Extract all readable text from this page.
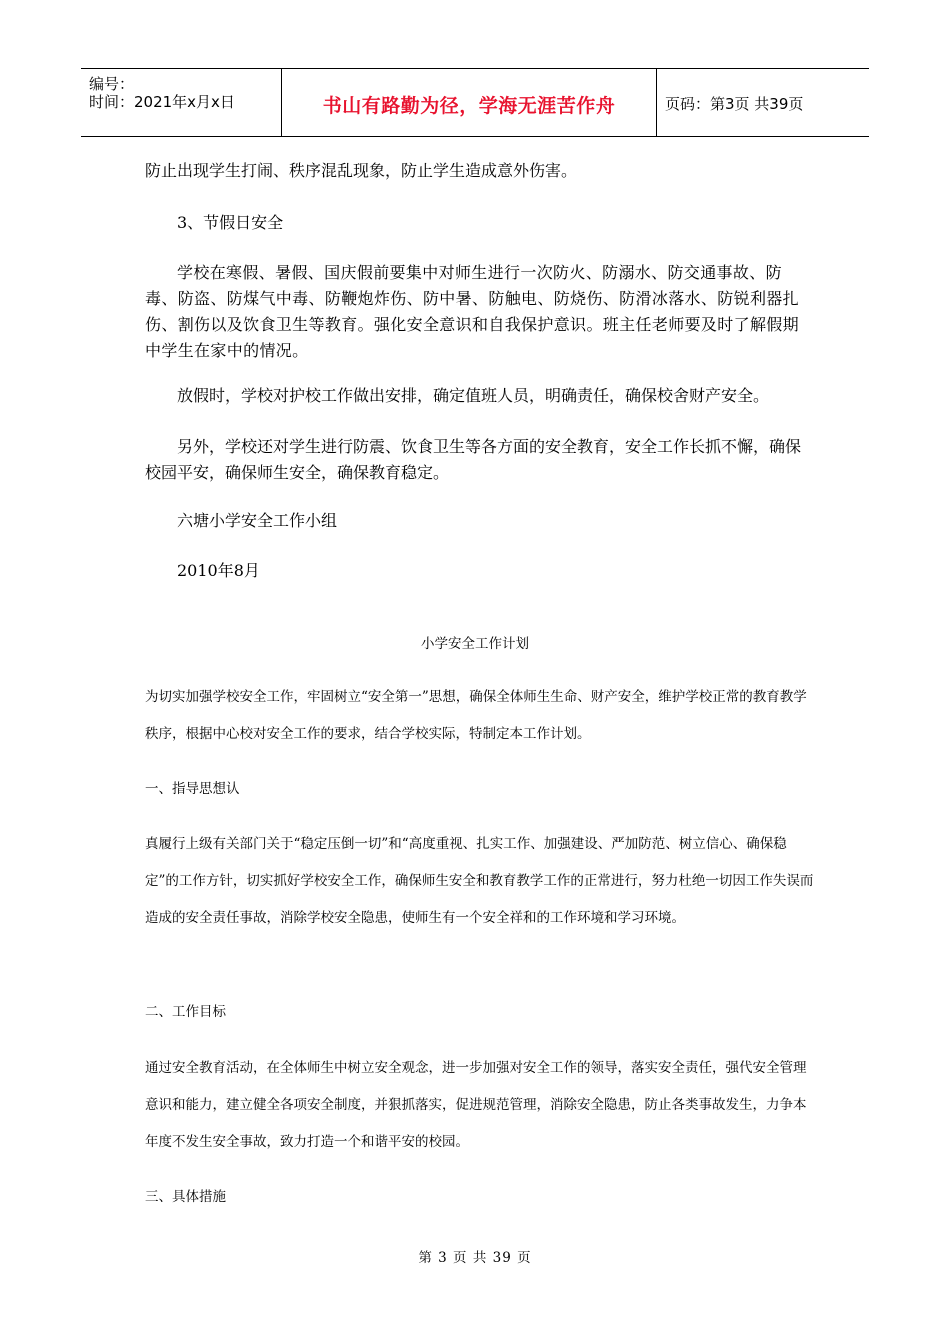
编号：
时间：2021年x月x日	书山有路勤为径，学海无涯苦作舟	页码：第3页 共39页
防止出现学生打闹、秩序混乱现象，防止学生造成意外伤害。
3、节假日安全
学校在寒假、暑假、国庆假前要集中对师生进行一次防火、防溺水、防交通事故、防毒、防盗、防煤气中毒、防鞭炮炸伤、防中暑、防触电、防烧伤、防滑冰落水、防锐利器扎伤、割伤以及饮食卫生等教育。强化安全意识和自我保护意识。班主任老师要及时了解假期中学生在家中的情况。
放假时，学校对护校工作做出安排，确定值班人员，明确责任，确保校舍财产安全。
另外，学校还对学生进行防震、饮食卫生等各方面的安全教育，安全工作长抓不懈，确保校园平安，确保师生安全，确保教育稳定。
六塘小学安全工作小组
2010年8月
小学安全工作计划
为切实加强学校安全工作，牢固树立“安全第一”思想，确保全体师生生命、财产安全，维护学校正常的教育教学秩序，根据中心校对安全工作的要求，结合学校实际，特制定本工作计划。
一、指导思想认
真履行上级有关部门关于“稳定压倒一切”和“高度重视、扎实工作、加强建设、严加防范、树立信心、确保稳定”的工作方针，切实抓好学校安全工作，确保师生安全和教育教学工作的正常进行，努力杜绝一切因工作失误而造成的安全责任事故，消除学校安全隐患，使师生有一个安全祥和的工作环境和学习环境。
二、工作目标
通过安全教育活动，在全体师生中树立安全观念，进一步加强对安全工作的领导，落实安全责任，强代安全管理意识和能力，建立健全各项安全制度，并狠抓落实，促进规范管理，消除安全隐患，防止各类事故发生，力争本年度不发生安全事故，致力打造一个和谐平安的校园。
三、具体措施
第 3 页 共 39 页
